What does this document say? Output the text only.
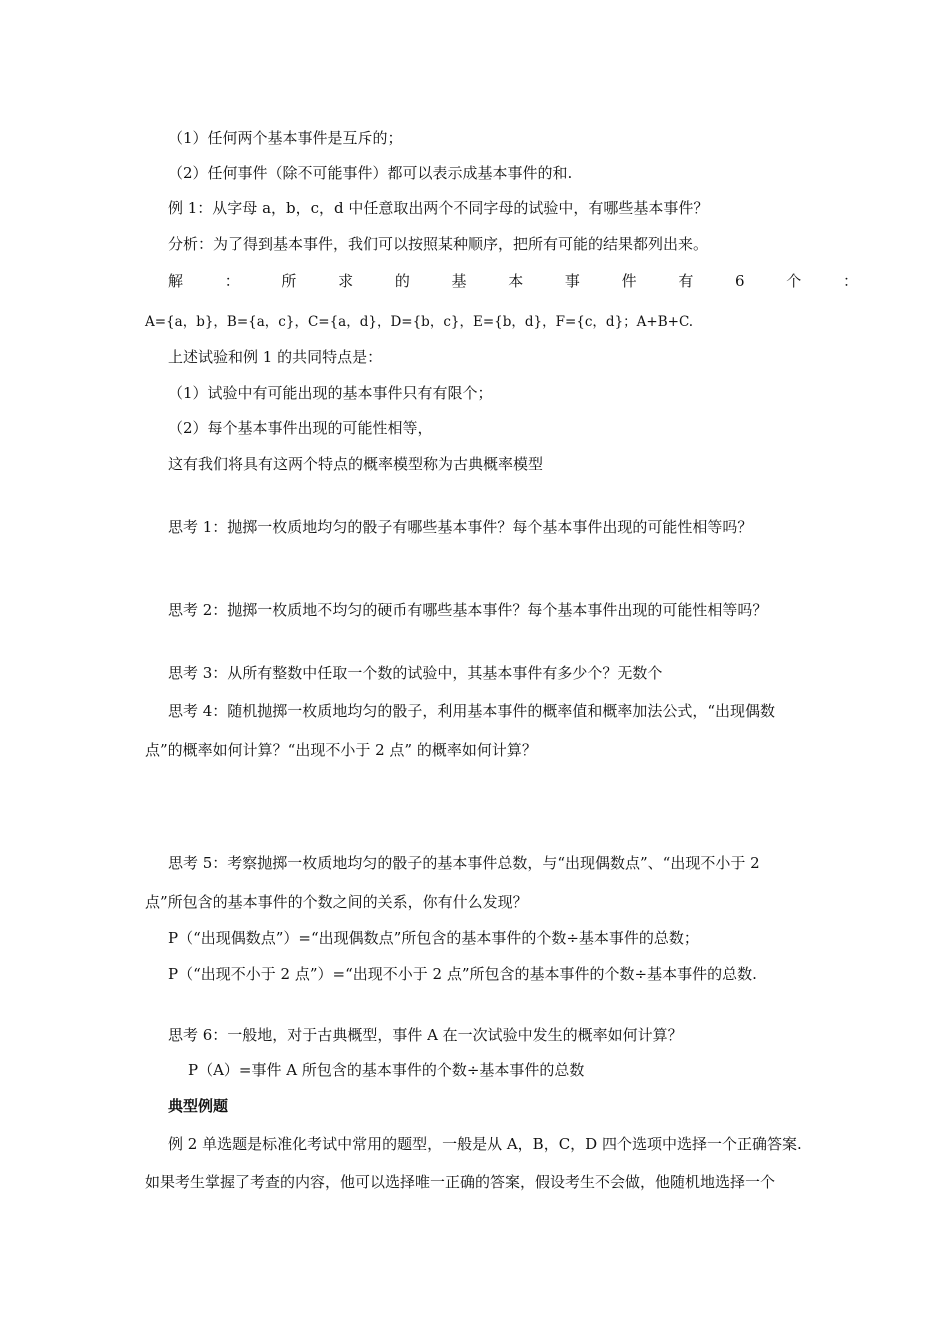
（1）任何两个基本事件是互斥的；
（2）任何事件（除不可能事件）都可以表示成基本事件的和.
例 1：从字母 a，b，c，d 中任意取出两个不同字母的试验中，有哪些基本事件？
分析：为了得到基本事件，我们可以按照某种顺序，把所有可能的结果都列出来。
解	：	所	求	的	基	本	事	件	有	6	个	：
A={a，b}，B={a，c}，C={a，d}，D={b，c}，E={b，d}，F={c，d}；A+B+C.
上述试验和例 1 的共同特点是：
（1）试验中有可能出现的基本事件只有有限个；
（2）每个基本事件出现的可能性相等，
这有我们将具有这两个特点的概率模型称为古典概率模型
思考 1：抛掷一枚质地均匀的骰子有哪些基本事件？每个基本事件出现的可能性相等吗？
思考 2：抛掷一枚质地不均匀的硬币有哪些基本事件？每个基本事件出现的可能性相等吗？
思考 3：从所有整数中任取一个数的试验中，其基本事件有多少个？无数个
思考 4：随机抛掷一枚质地均匀的骰子，利用基本事件的概率值和概率加法公式，“出现偶数
点”的概率如何计算？“出现不小于 2 点” 的概率如何计算？
思考 5：考察抛掷一枚质地均匀的骰子的基本事件总数，与“出现偶数点”、“出现不小于 2
点”所包含的基本事件的个数之间的关系，你有什么发现？
P（“出现偶数点”）=“出现偶数点”所包含的基本事件的个数÷基本事件的总数；
P（“出现不小于 2 点”）=“出现不小于 2 点”所包含的基本事件的个数÷基本事件的总数.
思考 6：一般地，对于古典概型，事件 A 在一次试验中发生的概率如何计算？
P（A）=事件 A 所包含的基本事件的个数÷基本事件的总数
典型例题
例 2 单选题是标准化考试中常用的题型，一般是从 A，B，C，D 四个选项中选择一个正确答案.
如果考生掌握了考查的内容，他可以选择唯一正确的答案，假设考生不会做，他随机地选择一个
